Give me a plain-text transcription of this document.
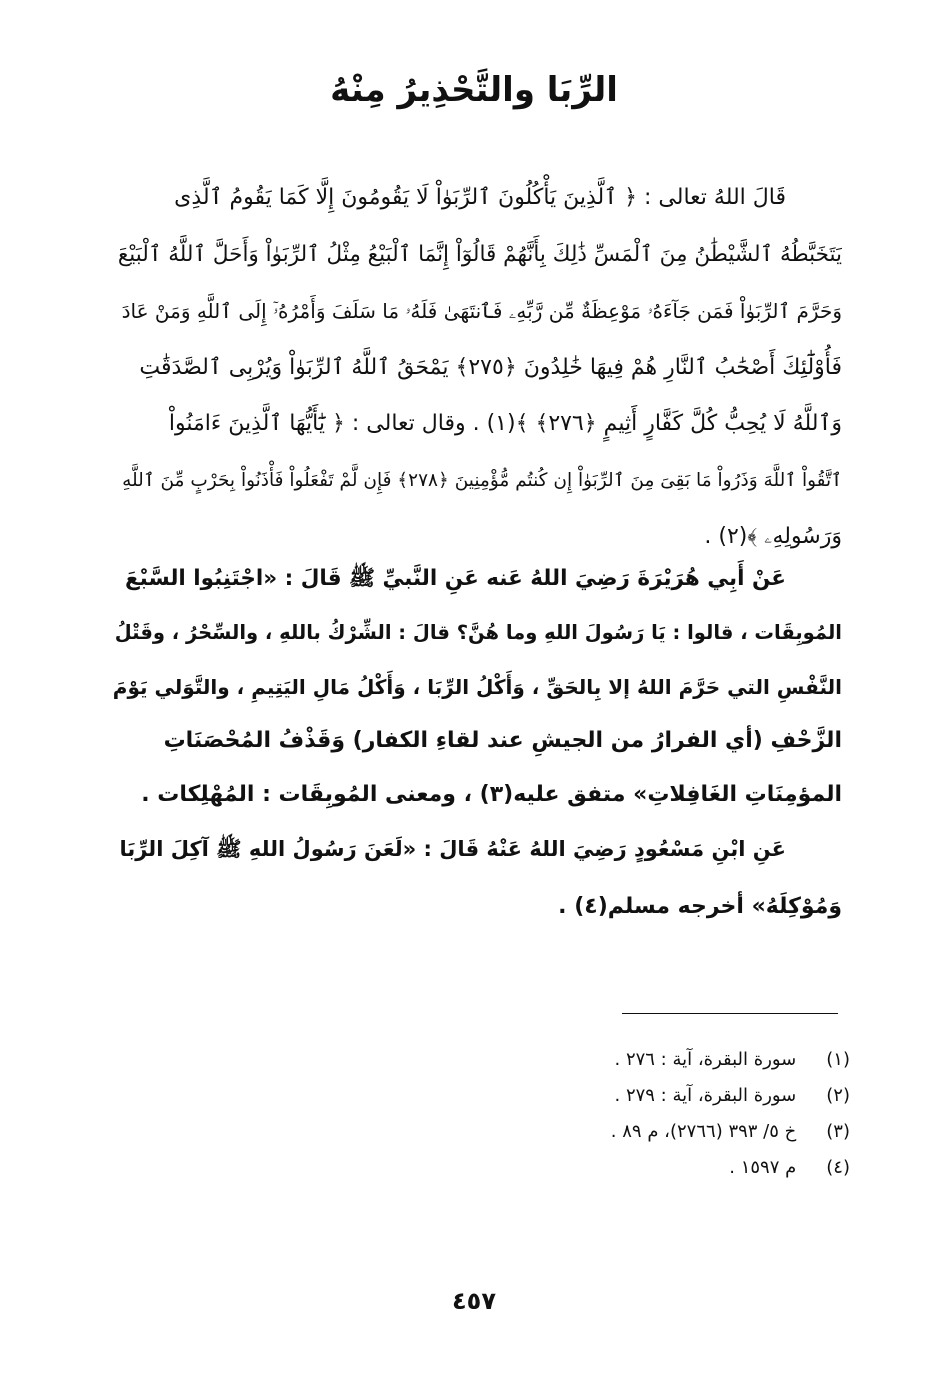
الرِّبَا والتَّحْذِيرُ مِنْهُ
قَالَ اللهُ تعالى : ﴿ ٱلَّذِينَ يَأْكُلُونَ ٱلرِّبَوٰاْ لَا يَقُومُونَ إِلَّا كَمَا يَقُومُ ٱلَّذِى
يَتَخَبَّطُهُ ٱلشَّيْطَٰنُ مِنَ ٱلْمَسِّ ذَٰلِكَ بِأَنَّهُمْ قَالُوٓاْ إِنَّمَا ٱلْبَيْعُ مِثْلُ ٱلرِّبَوٰاْ وَأَحَلَّ ٱللَّهُ ٱلْبَيْعَ
وَحَرَّمَ ٱلرِّبَوٰاْ فَمَن جَآءَهُۥ مَوْعِظَةٌ مِّن رَّبِّهِۦ فَٱنتَهَىٰ فَلَهُۥ مَا سَلَفَ وَأَمْرُهُۥٓ إِلَى ٱللَّهِ وَمَنْ عَادَ
فَأُوْلَٰٓئِكَ أَصْحَٰبُ ٱلنَّارِ هُمْ فِيهَا خَٰلِدُونَ ﴿٢٧٥﴾ يَمْحَقُ ٱللَّهُ ٱلرِّبَوٰاْ وَيُرْبِى ٱلصَّدَقَٰتِ
وَٱللَّهُ لَا يُحِبُّ كُلَّ كَفَّارٍ أَثِيمٍ ﴿٢٧٦﴾ ﴾(١) . وقال تعالى : ﴿ يَٰٓأَيُّهَا ٱلَّذِينَ ءَامَنُواْ
ٱتَّقُواْ ٱللَّهَ وَذَرُواْ مَا بَقِىَ مِنَ ٱلرِّبَوٰاْ إِن كُنتُم مُّؤْمِنِينَ ﴿٢٧٨﴾ فَإِن لَّمْ تَفْعَلُواْ فَأْذَنُواْ بِحَرْبٍ مِّنَ ٱللَّهِ
وَرَسُولِهِۦ ﴾(٢) .
عَنْ أَبِي هُرَيْرَةَ رَضِيَ اللهُ عَنه عَنِ النَّبيِّ ﷺ قَالَ : «اجْتَنِبُوا السَّبْعَ
المُوبِقَات ، قالوا : يَا رَسُولَ اللهِ وما هُنَّ؟ قالَ : الشِّرْكُ باللهِ ، والسِّحْرُ ، وقَتْلُ
النَّفْسِ التي حَرَّمَ اللهُ إلا بِالحَقِّ ، وَأَكْلُ الرِّبَا ، وَأَكْلُ مَالِ اليَتِيمِ ، والتَّوَلي يَوْمَ
الزَّحْفِ (أي الفرارُ من الجيشِ عند لقاءِ الكفار) وَقَذْفُ المُحْصَنَاتِ
المؤمِنَاتِ الغَافِلاتِ» متفق عليه(٣) ، ومعنى المُوبِقَات : المُهْلِكات .
عَنِ ابْنِ مَسْعُودٍ رَضِيَ اللهُ عَنْهُ قَالَ : «لَعَنَ رَسُولُ اللهِ ﷺ آكِلَ الرِّبَا
وَمُوْكِلَهُ» أخرجه مسلم(٤) .
(١) سورة البقرة، آية : ٢٧٦ .
(٢) سورة البقرة، آية : ٢٧٩ .
(٣) خ ٥/ ٣٩٣ (٢٧٦٦)، م ٨٩ .
(٤) م ١٥٩٧ .
٤٥٧
